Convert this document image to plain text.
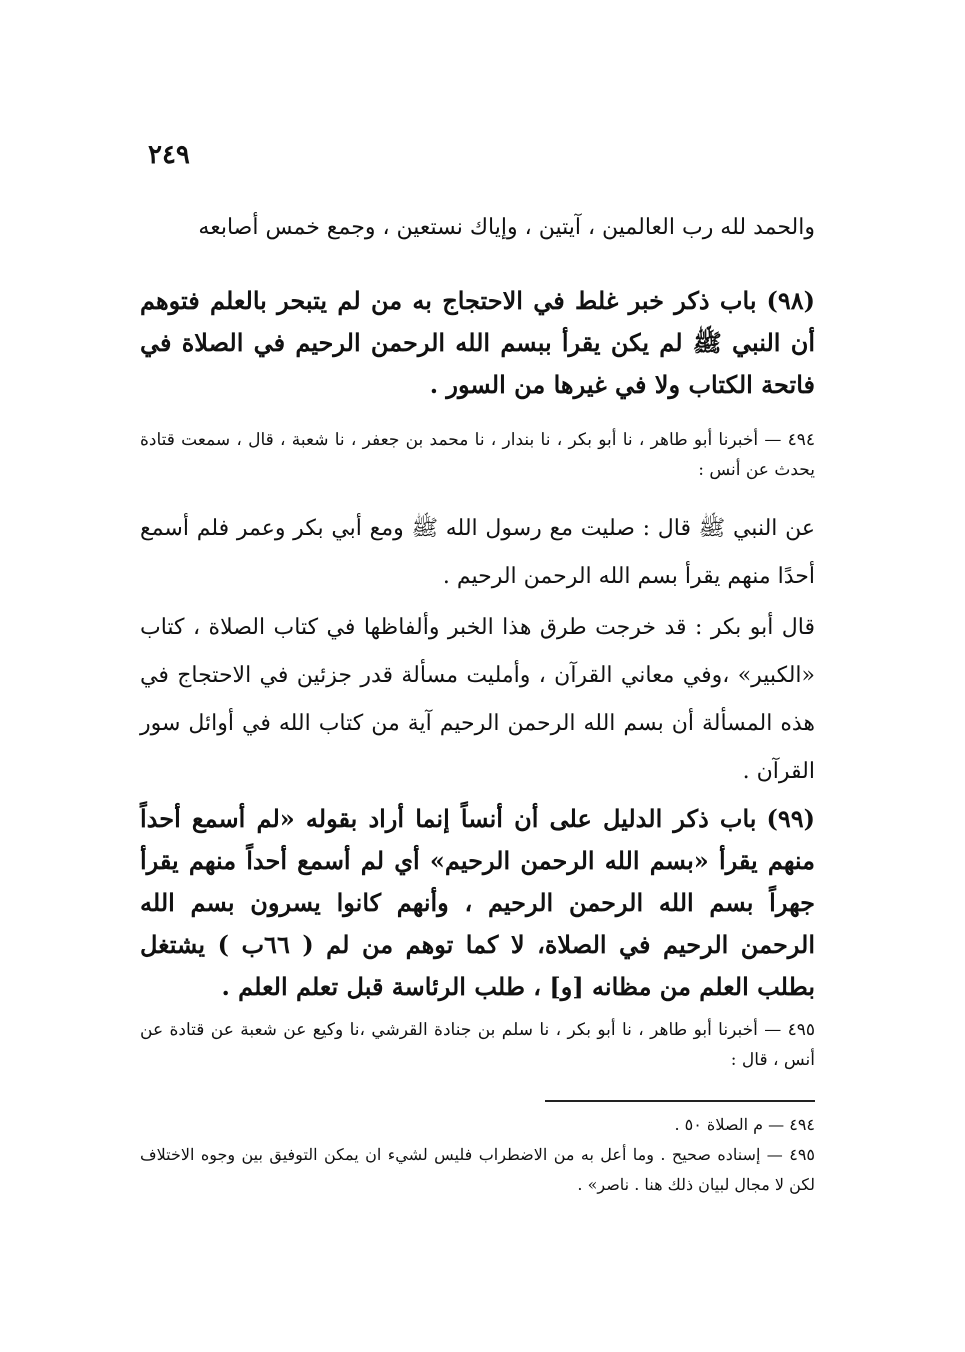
٢٤٩
والحمد لله رب العالمين ، آيتين ، وإياك نستعين ، وجمع خمس أصابعه
(٩٨)باب ذكر خبر غلط في الاحتجاج به من لم يتبحر بالعلم فتوهم أن النبي ﷺ لم يكن يقرأ ببسم الله الرحمن الرحيم في الصلاة في فاتحة الكتاب ولا في غيرها من السور .
٤٩٤ — أخبرنا أبو طاهر ، نا أبو بكر ، نا بندار ، نا محمد بن جعفر ، نا شعبة ، قال ، سمعت قتادة يحدث عن أنس :
عن النبي ﷺ قال : صليت مع رسول الله ﷺ ومع أبي بكر وعمر فلم أسمع أحدًا منهم يقرأ بسم الله الرحمن الرحيم .
قال أبو بكر : قد خرجت طرق هذا الخبر وألفاظها في كتاب الصلاة ، كتاب «الكبير» ،وفي معاني القرآن ، وأمليت مسألة قدر جزئين في الاحتجاج في هذه المسألة أن بسم الله الرحمن الرحيم آية من كتاب الله في أوائل سور القرآن .
(٩٩)باب ذكر الدليل على أن أنساً إنما أراد بقوله «لم أسمع أحداً منهم يقرأ «بسم الله الرحمن الرحيم» أي لم أسمع أحداً منهم يقرأ جهراً بسم الله الرحمن الرحيم ، وأنهم كانوا يسرون بسم الله الرحمن الرحيم في الصلاة، لا كما توهم من لم ( ٦٦ب ) يشتغل بطلب العلم من مظانه [و] ، طلب الرئاسة قبل تعلم العلم .
٤٩٥ — أخبرنا أبو طاهر ، نا أبو بكر ، نا سلم بن جنادة القرشي ،نا وكيع عن شعبة عن قتادة عن أنس ، قال :

٤٩٤ — م الصلاة ٥٠ .

٤٩٥ — إسناده صحيح . وما أعل به من الاضطراب فليس لشيء ان يمكن التوفيق بين وجوه الاختلاف لكن لا مجال لبيان ذلك هنا . ناصر» .
